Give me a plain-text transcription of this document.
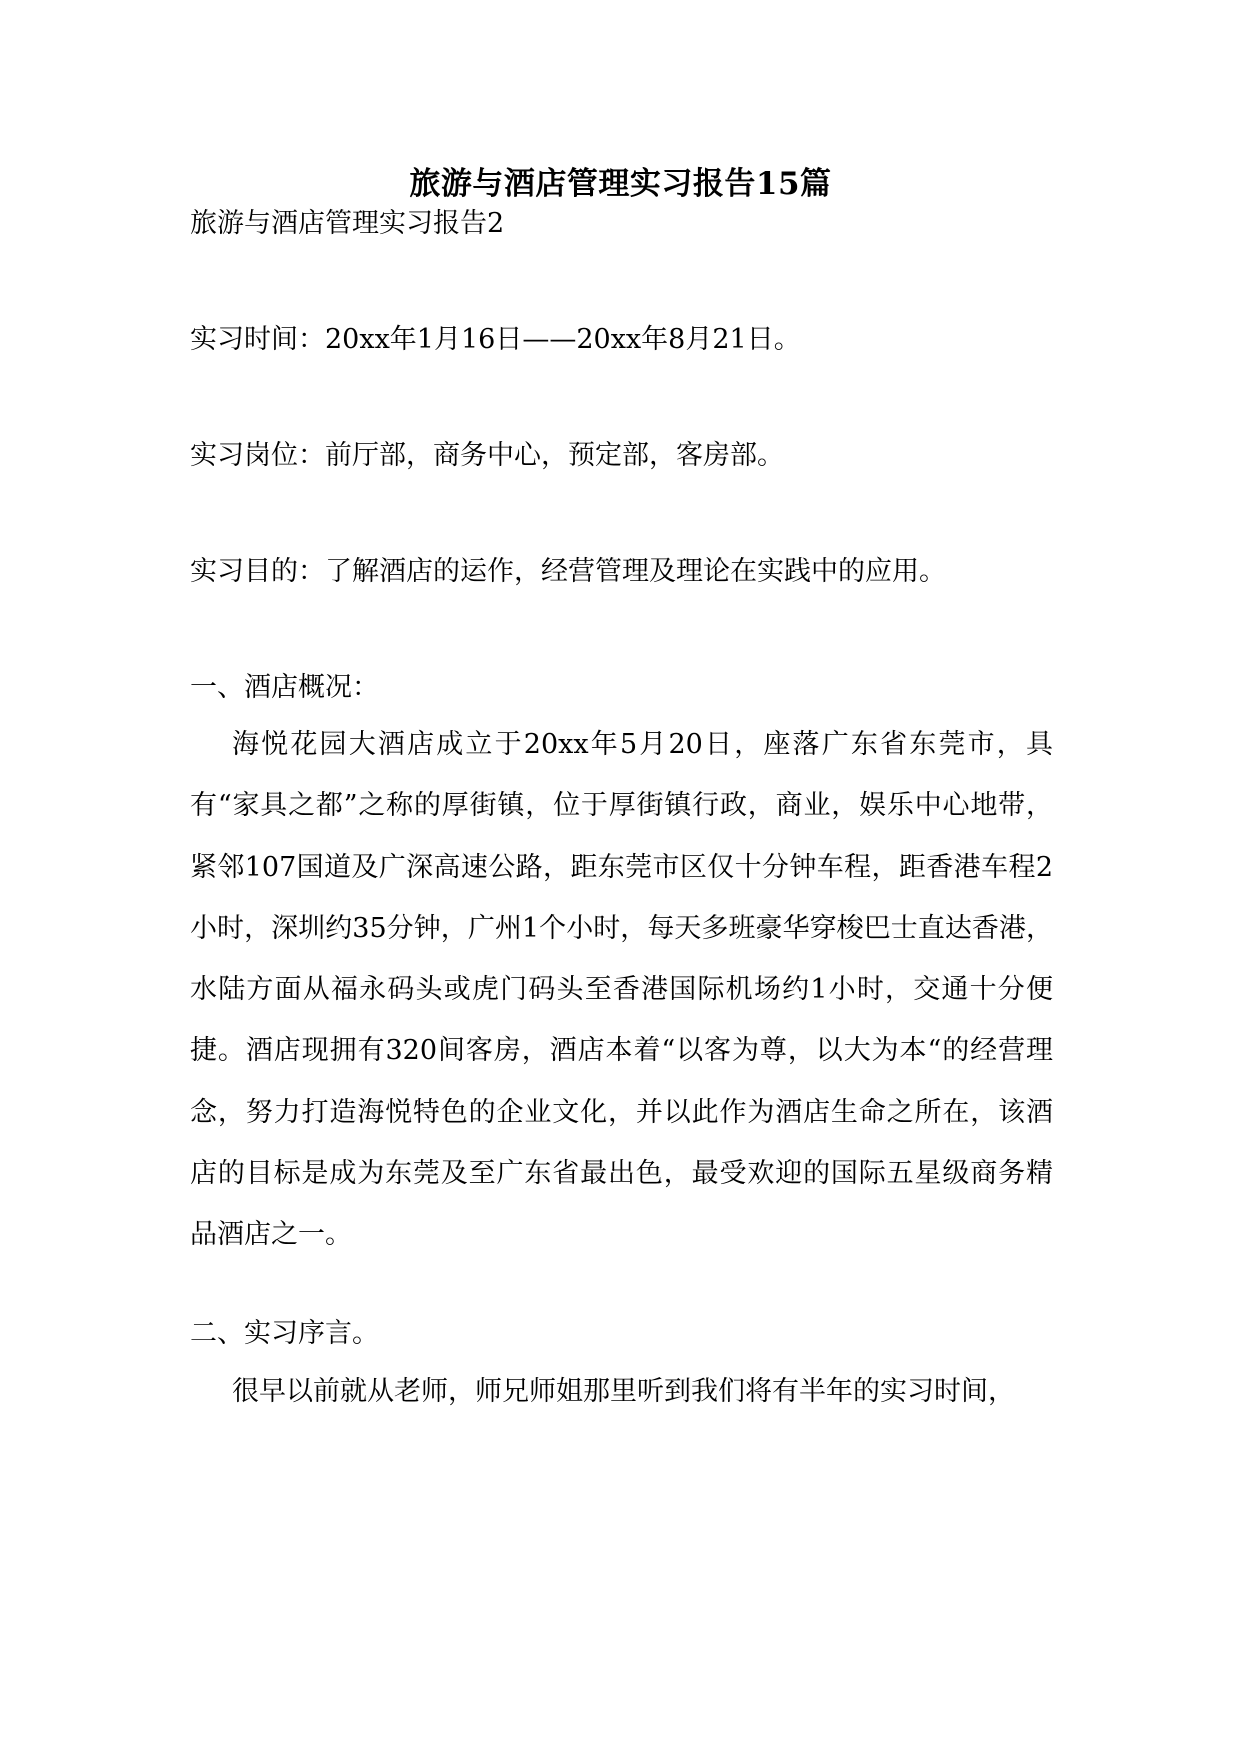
旅游与酒店管理实习报告15篇
旅游与酒店管理实习报告2
实习时间：20xx年1月16日——20xx年8月21日。
实习岗位：前厅部，商务中心，预定部，客房部。
实习目的：了解酒店的运作，经营管理及理论在实践中的应用。
一、酒店概况：
海悦花园大酒店成立于20xx年5月20日，座落广东省东莞市，具有“家具之都”之称的厚街镇，位于厚街镇行政，商业，娱乐中心地带，紧邻107国道及广深高速公路，距东莞市区仅十分钟车程，距香港车程2小时，深圳约35分钟，广州1个小时，每天多班豪华穿梭巴士直达香港，水陆方面从福永码头或虎门码头至香港国际机场约1小时，交通十分便捷。酒店现拥有320间客房，酒店本着“以客为尊，以大为本“的经营理念，努力打造海悦特色的企业文化，并以此作为酒店生命之所在，该酒店的目标是成为东莞及至广东省最出色，最受欢迎的国际五星级商务精品酒店之一。
二、实习序言。
很早以前就从老师，师兄师姐那里听到我们将有半年的实习时间，
